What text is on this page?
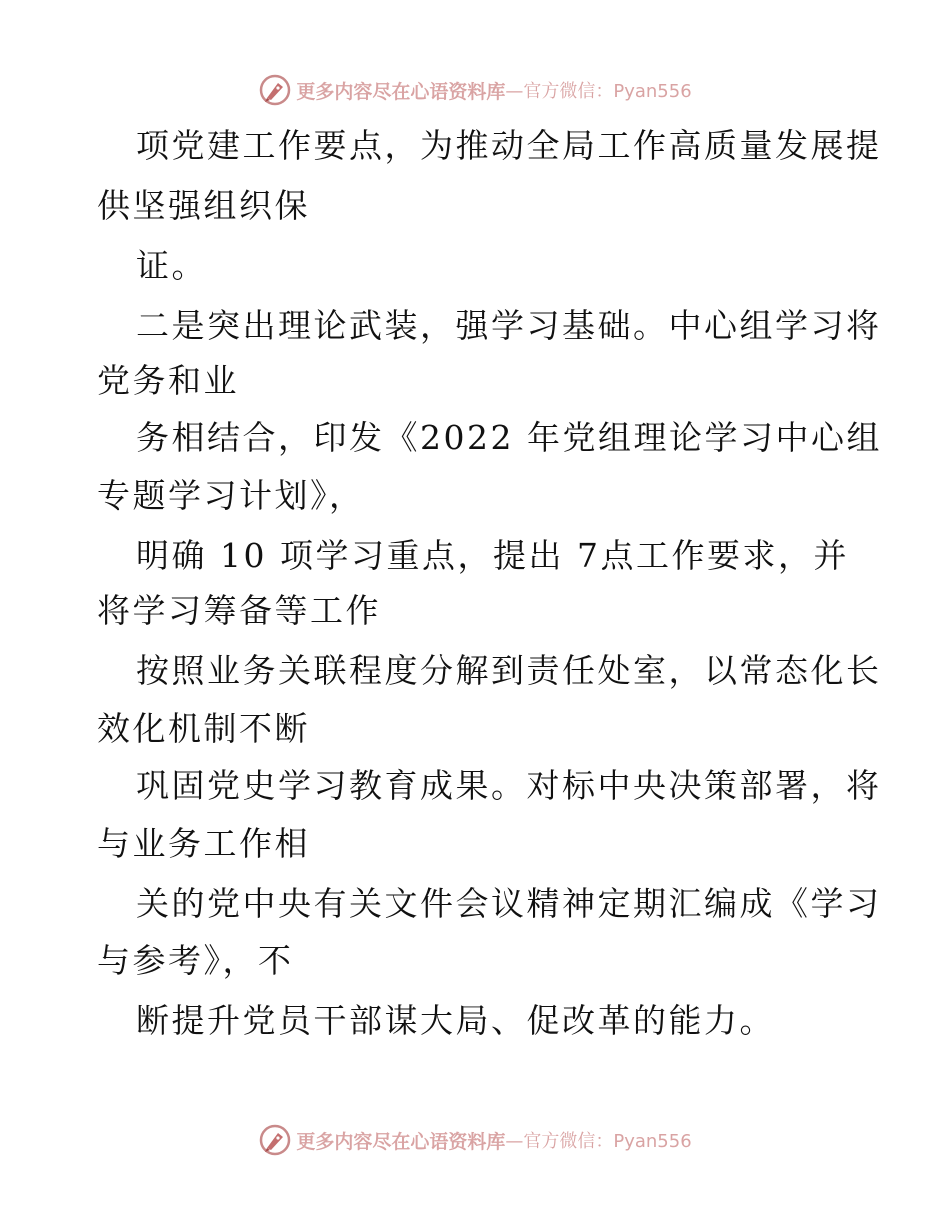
更多内容尽在心语资料库 —官方微信：Pyan556
项党建工作要点，为推动全局工作高质量发展提
供坚强组织保
证。
二是突出理论武装，强学习基础。中心组学习将
党务和业
务相结合，印发《2022 年党组理论学习中心组
专题学习计划》，
明确 10 项学习重点，提出 7点工作要求，并
将学习筹备等工作
按照业务关联程度分解到责任处室，以常态化长
效化机制不断
巩固党史学习教育成果。对标中央决策部署，将
与业务工作相
关的党中央有关文件会议精神定期汇编成《学习
与参考》，不
断提升党员干部谋大局、促改革的能力。
更多内容尽在心语资料库 —官方微信：Pyan556
